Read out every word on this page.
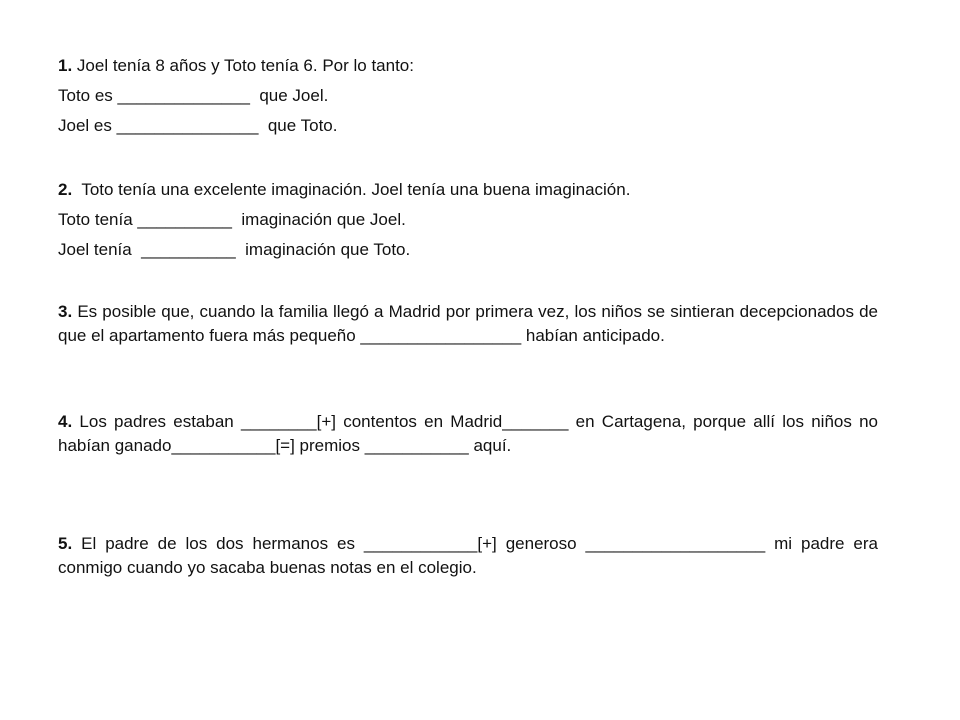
1. Joel tenía 8 años y Toto tenía 6. Por lo tanto:
Toto es ______________  que Joel.
Joel es _______________  que Toto.
2.  Toto tenía una excelente imaginación. Joel tenía una buena imaginación.
Toto tenía __________  imaginación que Joel.
Joel tenía  __________  imaginación que Toto.
3. Es posible que, cuando la familia llegó a Madrid por primera vez, los niños se sintieran decepcionados de que el apartamento fuera más pequeño _________________ habían anticipado.
4. Los padres estaban ________[+] contentos en Madrid_______ en Cartagena, porque allí los niños no habían ganado___________[=] premios ___________ aquí.
5. El padre de los dos hermanos es ____________[+] generoso ___________________ mi padre era conmigo cuando yo sacaba buenas notas en el colegio.
